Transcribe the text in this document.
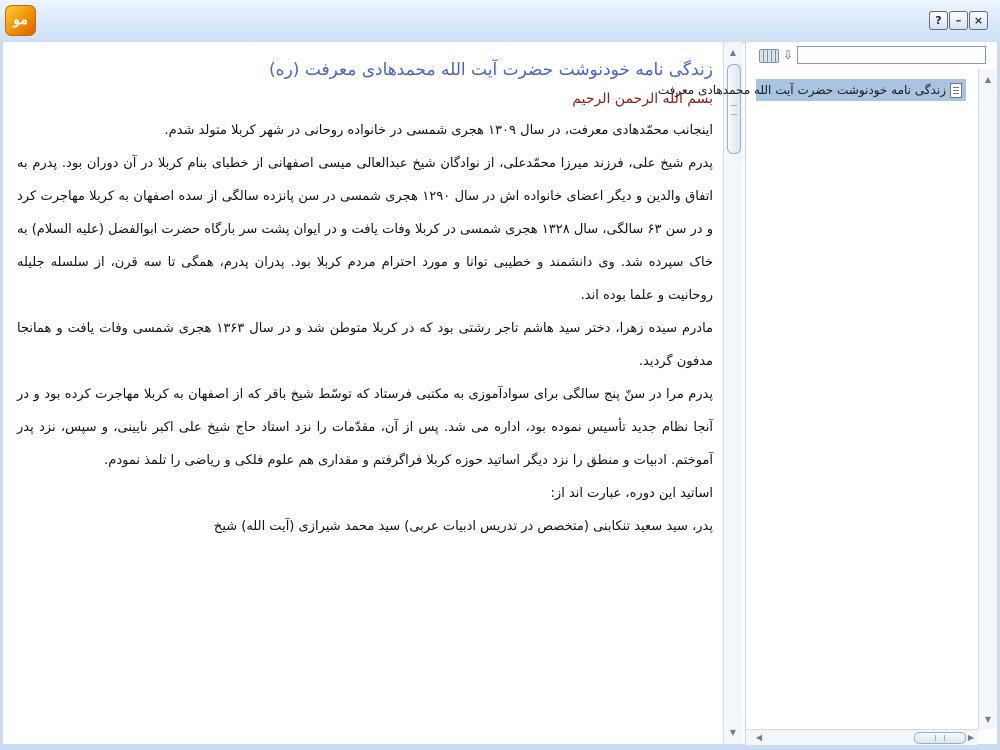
مو	?	–	×
زندگی نامه خودنوشت حضرت آیت الله محمدهادی معرفت (ره)

بسم الله الرحمن الرحيم

اینجانب محمّدهادی معرفت، در سال ۱۳۰۹ هجری شمسی در خانواده روحانی در شهر کربلا متولد شدم.

پدرم شیخ علی، فرزند میرزا محمّدعلی، از نوادگان شیخ عبدالعالی میسی اصفهانی از خطبای بنام کربلا در آن دوران بود. پدرم به اتفاق والدین و دیگر اعضای خانواده اش در سال ۱۲۹۰ هجری شمسی در سن پانزده سالگی از سده اصفهان به کربلا مهاجرت کرد و در سن ۶۳ سالگی، سال ۱۳۲۸ هجری شمسی در کربلا وفات یافت و در ایوان پشت سر بارگاه حضرت ابوالفضل (علیه السلام) به خاک سپرده شد. وی دانشمند و خطیبی توانا و مورد احترام مردم کربلا بود. پدران پدرم، همگی تا سه قرن، از سلسله جلیله روحانیت و علما بوده اند.

مادرم سیده زهرا، دختر سید هاشم تاجر رشتی بود که در کربلا متوطن شد و در سال ۱۳۶۳ هجری شمسی وفات یافت و همانجا مدفون گردید.

پدرم مرا در سنّ پنج سالگی برای سوادآموزی به مکتبی فرستاد که توسّط شیخ باقر که از اصفهان به کربلا مهاجرت کرده بود و در آنجا نظام جدید تأسیس نموده بود، اداره می شد. پس از آن، مقدّمات را نزد استاد حاج شیخ علی اکبر نایینی، و سپس، نزد پدر آموختم. ادبیات و منطق را نزد دیگر اساتید حوزه کربلا فراگرفتم و مقداری هم علوم فلکی و ریاضی را تلمذ نمودم.

اساتید این دوره، عبارت اند از:

پدر، سید سعید تنکابنی (متخصص در تدریس ادبیات عربی) سید محمد شیرازی (آیت الله) شیخ

▲
▼
⇩
زندگی نامه خودنوشت حضرت آیت الله محمدهادی معرفت
▲
▼
◀	▶
